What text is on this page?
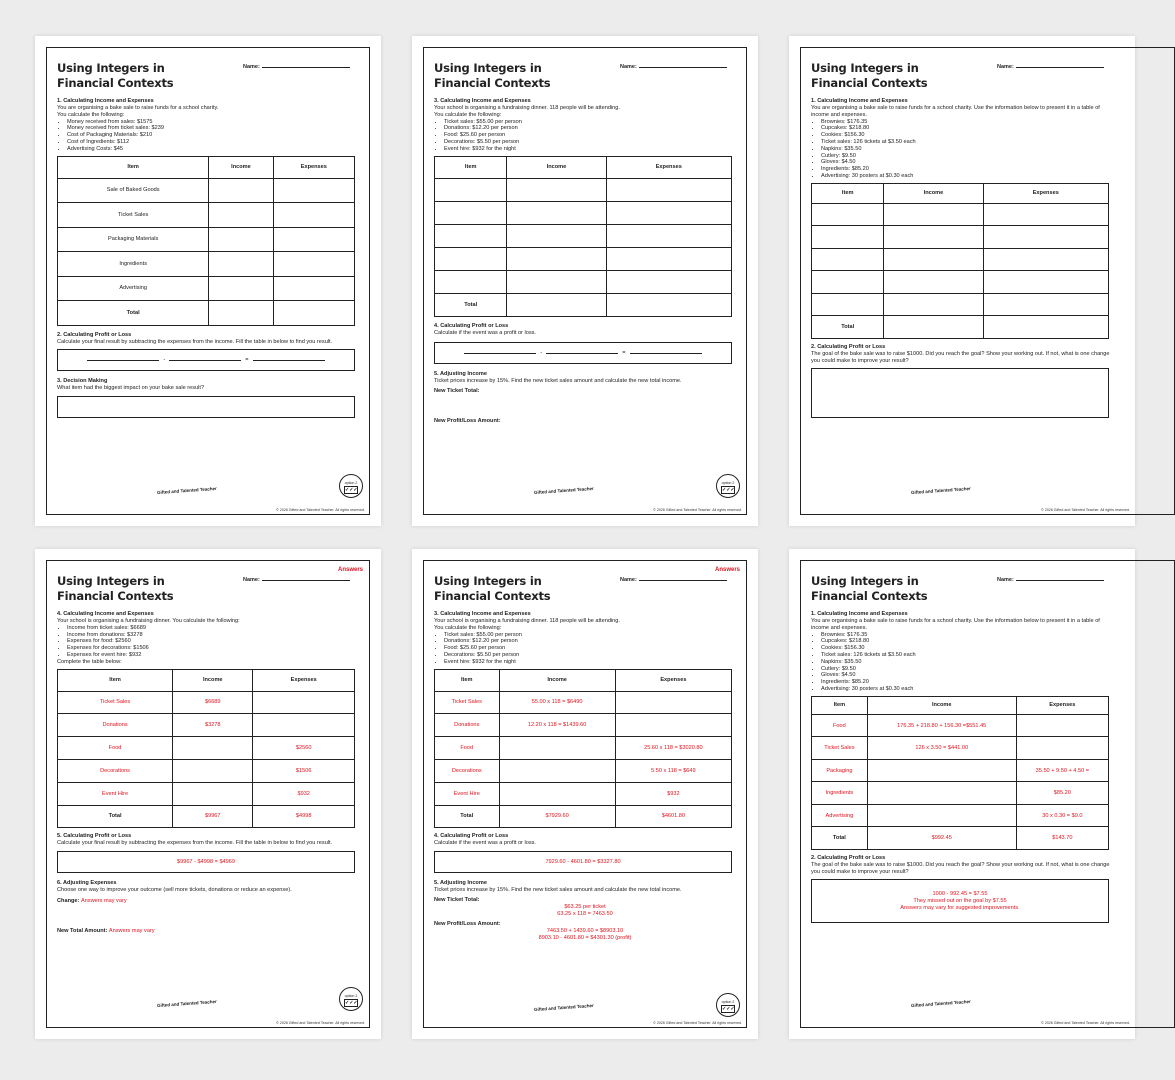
Using Integers in
Financial Contexts
Name:
1. Calculating Income and Expenses
You are organising a bake sale to raise funds for a school charity.
You calculate the following:
• Money received from sales: $1575
• Money received from ticket sales: $239
• Cost of Packaging Materials: $210
• Cost of Ingredients: $112
• Advertising Costs: $45
Item	Income	Expenses
Sale of Baked Goods		
Ticket Sales		
Packaging Materials		
Ingredients		
Advertising		
Total		
2. Calculating Profit or Loss
Calculate your final result by subtracting the expenses from the income. Fill the table in below to find you result.
-	=
3. Decision Making
What item had the biggest impact on your bake sale result?
Gifted and Talented Teacher
option 2
✓✓✓
© 2026 Gifted and Talented Teacher. All rights reserved.
Using Integers in
Financial Contexts
Name:
3. Calculating Income and Expenses
Your school is organising a fundraising dinner. 118 people will be attending.
You calculate the following:
• Ticket sales: $55.00 per person
• Donations: $12.20 per person
• Food: $25.60 per person
• Decorations: $5.50 per person
• Event hire: $932 for the night
Item	Income	Expenses

Total		
4. Calculating Profit or Loss
Calculate if the event was a profit or loss.
-	=
5. Adjusting Income
Ticket prices increase by 15%. Find the new ticket sales amount and calculate the new total income.
New Ticket Total:
New Profit/Loss Amount:
Gifted and Talented Teacher
option 2
✓✓✓
© 2026 Gifted and Talented Teacher. All rights reserved.
Using Integers in
Financial Contexts
Name:
1. Calculating Income and Expenses
You are organising a bake sale to raise funds for a school charity. Use the information below to present it in a table of income and expenses.
• Brownies: $176.35
• Cupcakes: $218.80
• Cookies: $156.30
• Ticket sales: 126 tickets at $3.50 each
• Napkins: $35.50
• Cutlery: $9.50
• Gloves: $4.50
• Ingredients: $85.20
• Advertising: 30 posters at $0.30 each
Item	Income	Expenses

Total		
2. Calculating Profit or Loss
The goal of the bake sale was to raise $1000. Did you reach the goal? Show your working out. If not, what is one change you could make to improve your result?
Gifted and Talented Teacher
© 2026 Gifted and Talented Teacher. All rights reserved.
Answers
Using Integers in
Financial Contexts
Name:
4. Calculating Income and Expenses
Your school is organising a fundraising dinner. You calculate the following:
• Income from ticket sales: $6689
• Income from donations: $3278
• Expenses for food: $2560
• Expenses for decorations: $1506
• Expenses for event hire: $932
Complete the table below:
Item	Income	Expenses
Ticket Sales	$6689	
Donations	$3278	
Food		$2560
Decorations		$1506
Event Hire		$932
Total	$9967	$4998
5. Calculating Profit or Loss
Calculate your final result by subtracting the expenses from the income. Fill the table in below to find you result.
$9967 - $4998 = $4969
6. Adjusting Expenses
Choose one way to improve your outcome (sell more tickets, donations or reduce an expense).
Change: Answers may vary
New Total Amount: Answers may vary
Gifted and Talented Teacher
option 2
✓✓✓
© 2026 Gifted and Talented Teacher. All rights reserved.
Answers
Using Integers in
Financial Contexts
Name:
3. Calculating Income and Expenses
Your school is organising a fundraising dinner. 118 people will be attending.
You calculate the following:
• Ticket sales: $55.00 per person
• Donations: $12.20 per person
• Food: $25.60 per person
• Decorations: $5.50 per person
• Event hire: $932 for the night
Item	Income	Expenses
Ticket Sales	55.00 x 118 = $6490	
Donations	12.20 x 118 = $1439.60	
Food		25.60 x 118 = $3020.80
Decorations		5.50 x 118 = $649
Event Hire		$932
Total	$7929.60	$4601.80
4. Calculating Profit or Loss
Calculate if the event was a profit or loss.
7929.60 - 4601.80 = $3327.80
5. Adjusting Income
Ticket prices increase by 15%. Find the new ticket sales amount and calculate the new total income.
New Ticket Total:
$63.25 per ticket
63.25 x 118 = 7463.50
New Profit/Loss Amount:
7463.50 + 1439.60 = $8903.10
8903.10 - 4601.80 = $4301.30 (profit)
Gifted and Talented Teacher
option 2
✓✓✓
© 2026 Gifted and Talented Teacher. All rights reserved.
Using Integers in
Financial Contexts
Name:
1. Calculating Income and Expenses
You are organising a bake sale to raise funds for a school charity. Use the information below to present it in a table of income and expenses.
• Brownies: $176.35
• Cupcakes: $218.80
• Cookies: $156.30
• Ticket sales: 126 tickets at $3.50 each
• Napkins: $35.50
• Cutlery: $9.50
• Gloves: $4.50
• Ingredients: $85.20
• Advertising: 30 posters at $0.30 each
Item	Income	Expenses
Food	176.35 + 218.80 + 156.30 =$551.45	
Ticket Sales	126 x 3.50 = $441.00	
Packaging		35.50 + 9.50 + 4.50 =
Ingredients		$85.20
Advertising		30 x 0.30 = $9.0
Total	$992.45	$143.70
2. Calculating Profit or Loss
The goal of the bake sale was to raise $1000. Did you reach the goal? Show your working out. If not, what is one change you could make to improve your result?
1000 - 992.45 = $7.55
They missed out on the goal by $7.55
Answers may vary for suggested improvements.
Gifted and Talented Teacher
© 2026 Gifted and Talented Teacher. All rights reserved.
